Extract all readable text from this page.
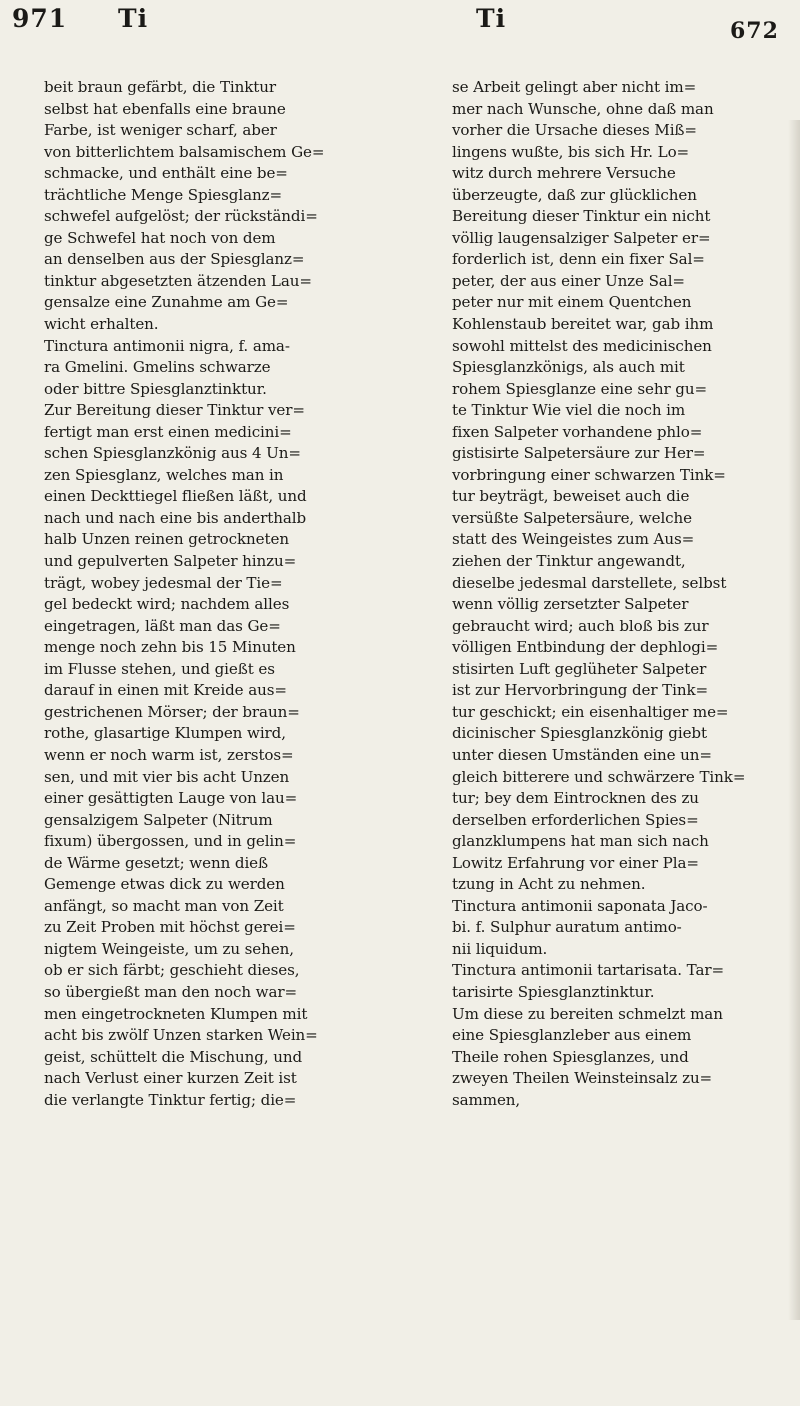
971 Ti	Ti	672
beit braun gefärbt, die Tinktur
selbst hat ebenfalls eine braune
Farbe, ist weniger scharf, aber
von bitterlichtem balsamischem Ge=
schmacke, und enthält eine be=
trächtliche Menge Spiesglanz=
schwefel aufgelöst; der rückständi=
ge Schwefel hat noch von dem
an denselben aus der Spiesglanz=
tinktur abgesetzten ätzenden Lau=
gensalze eine Zunahme am Ge=
wicht erhalten.
Tinctura antimonii nigra, f. ama-
ra Gmelini. Gmelins schwarze
oder bittre Spiesglanztinktur.
Zur Bereitung dieser Tinktur ver=
fertigt man erst einen medicini=
schen Spiesglanzkönig aus 4 Un=
zen Spiesglanz, welches man in
einen Deckttiegel fließen läßt, und
nach und nach eine bis anderthalb
halb Unzen reinen getrockneten
und gepulverten Salpeter hinzu=
trägt, wobey jedesmal der Tie=
gel bedeckt wird; nachdem alles
eingetragen, läßt man das Ge=
menge noch zehn bis 15 Minuten
im Flusse stehen, und gießt es
darauf in einen mit Kreide aus=
gestrichenen Mörser; der braun=
rothe, glasartige Klumpen wird,
wenn er noch warm ist, zerstos=
sen, und mit vier bis acht Unzen
einer gesättigten Lauge von lau=
gensalzigem Salpeter (Nitrum
fixum) übergossen, und in gelin=
de Wärme gesetzt; wenn dieß
Gemenge etwas dick zu werden
anfängt, so macht man von Zeit
zu Zeit Proben mit höchst gerei=
nigtem Weingeiste, um zu sehen,
ob er sich färbt; geschieht dieses,
so übergießt man den noch war=
men eingetrockneten Klumpen mit
acht bis zwölf Unzen starken Wein=
geist, schüttelt die Mischung, und
nach Verlust einer kurzen Zeit ist
die verlangte Tinktur fertig; die=
se Arbeit gelingt aber nicht im=
mer nach Wunsche, ohne daß man
vorher die Ursache dieses Miß=
lingens wußte, bis sich Hr. Lo=
witz durch mehrere Versuche
überzeugte, daß zur glücklichen
Bereitung dieser Tinktur ein nicht
völlig laugensalziger Salpeter er=
forderlich ist, denn ein fixer Sal=
peter, der aus einer Unze Sal=
peter nur mit einem Quentchen
Kohlenstaub bereitet war, gab ihm
sowohl mittelst des medicinischen
Spiesglanzkönigs, als auch mit
rohem Spiesglanze eine sehr gu=
te Tinktur Wie viel die noch im
fixen Salpeter vorhandene phlo=
gistisirte Salpetersäure zur Her=
vorbringung einer schwarzen Tink=
tur beyträgt, beweiset auch die
versüßte Salpetersäure, welche
statt des Weingeistes zum Aus=
ziehen der Tinktur angewandt,
dieselbe jedesmal darstellete, selbst
wenn völlig zersetzter Salpeter
gebraucht wird; auch bloß bis zur
völligen Entbindung der dephlogi=
stisirten Luft geglüheter Salpeter
ist zur Hervorbringung der Tink=
tur geschickt; ein eisenhaltiger me=
dicinischer Spiesglanzkönig giebt
unter diesen Umständen eine un=
gleich bitterere und schwärzere Tink=
tur; bey dem Eintrocknen des zu
derselben erforderlichen Spies=
glanzklumpens hat man sich nach
Lowitz Erfahrung vor einer Pla=
tzung in Acht zu nehmen.
Tinctura antimonii saponata Jaco-
bi. f. Sulphur auratum antimo-
nii liquidum.
Tinctura antimonii tartarisata. Tar=
tarisirte Spiesglanztinktur.
Um diese zu bereiten schmelzt man
eine Spiesglanzleber aus einem
Theile rohen Spiesglanzes, und
zweyen Theilen Weinsteinsalz zu=
sammen,
